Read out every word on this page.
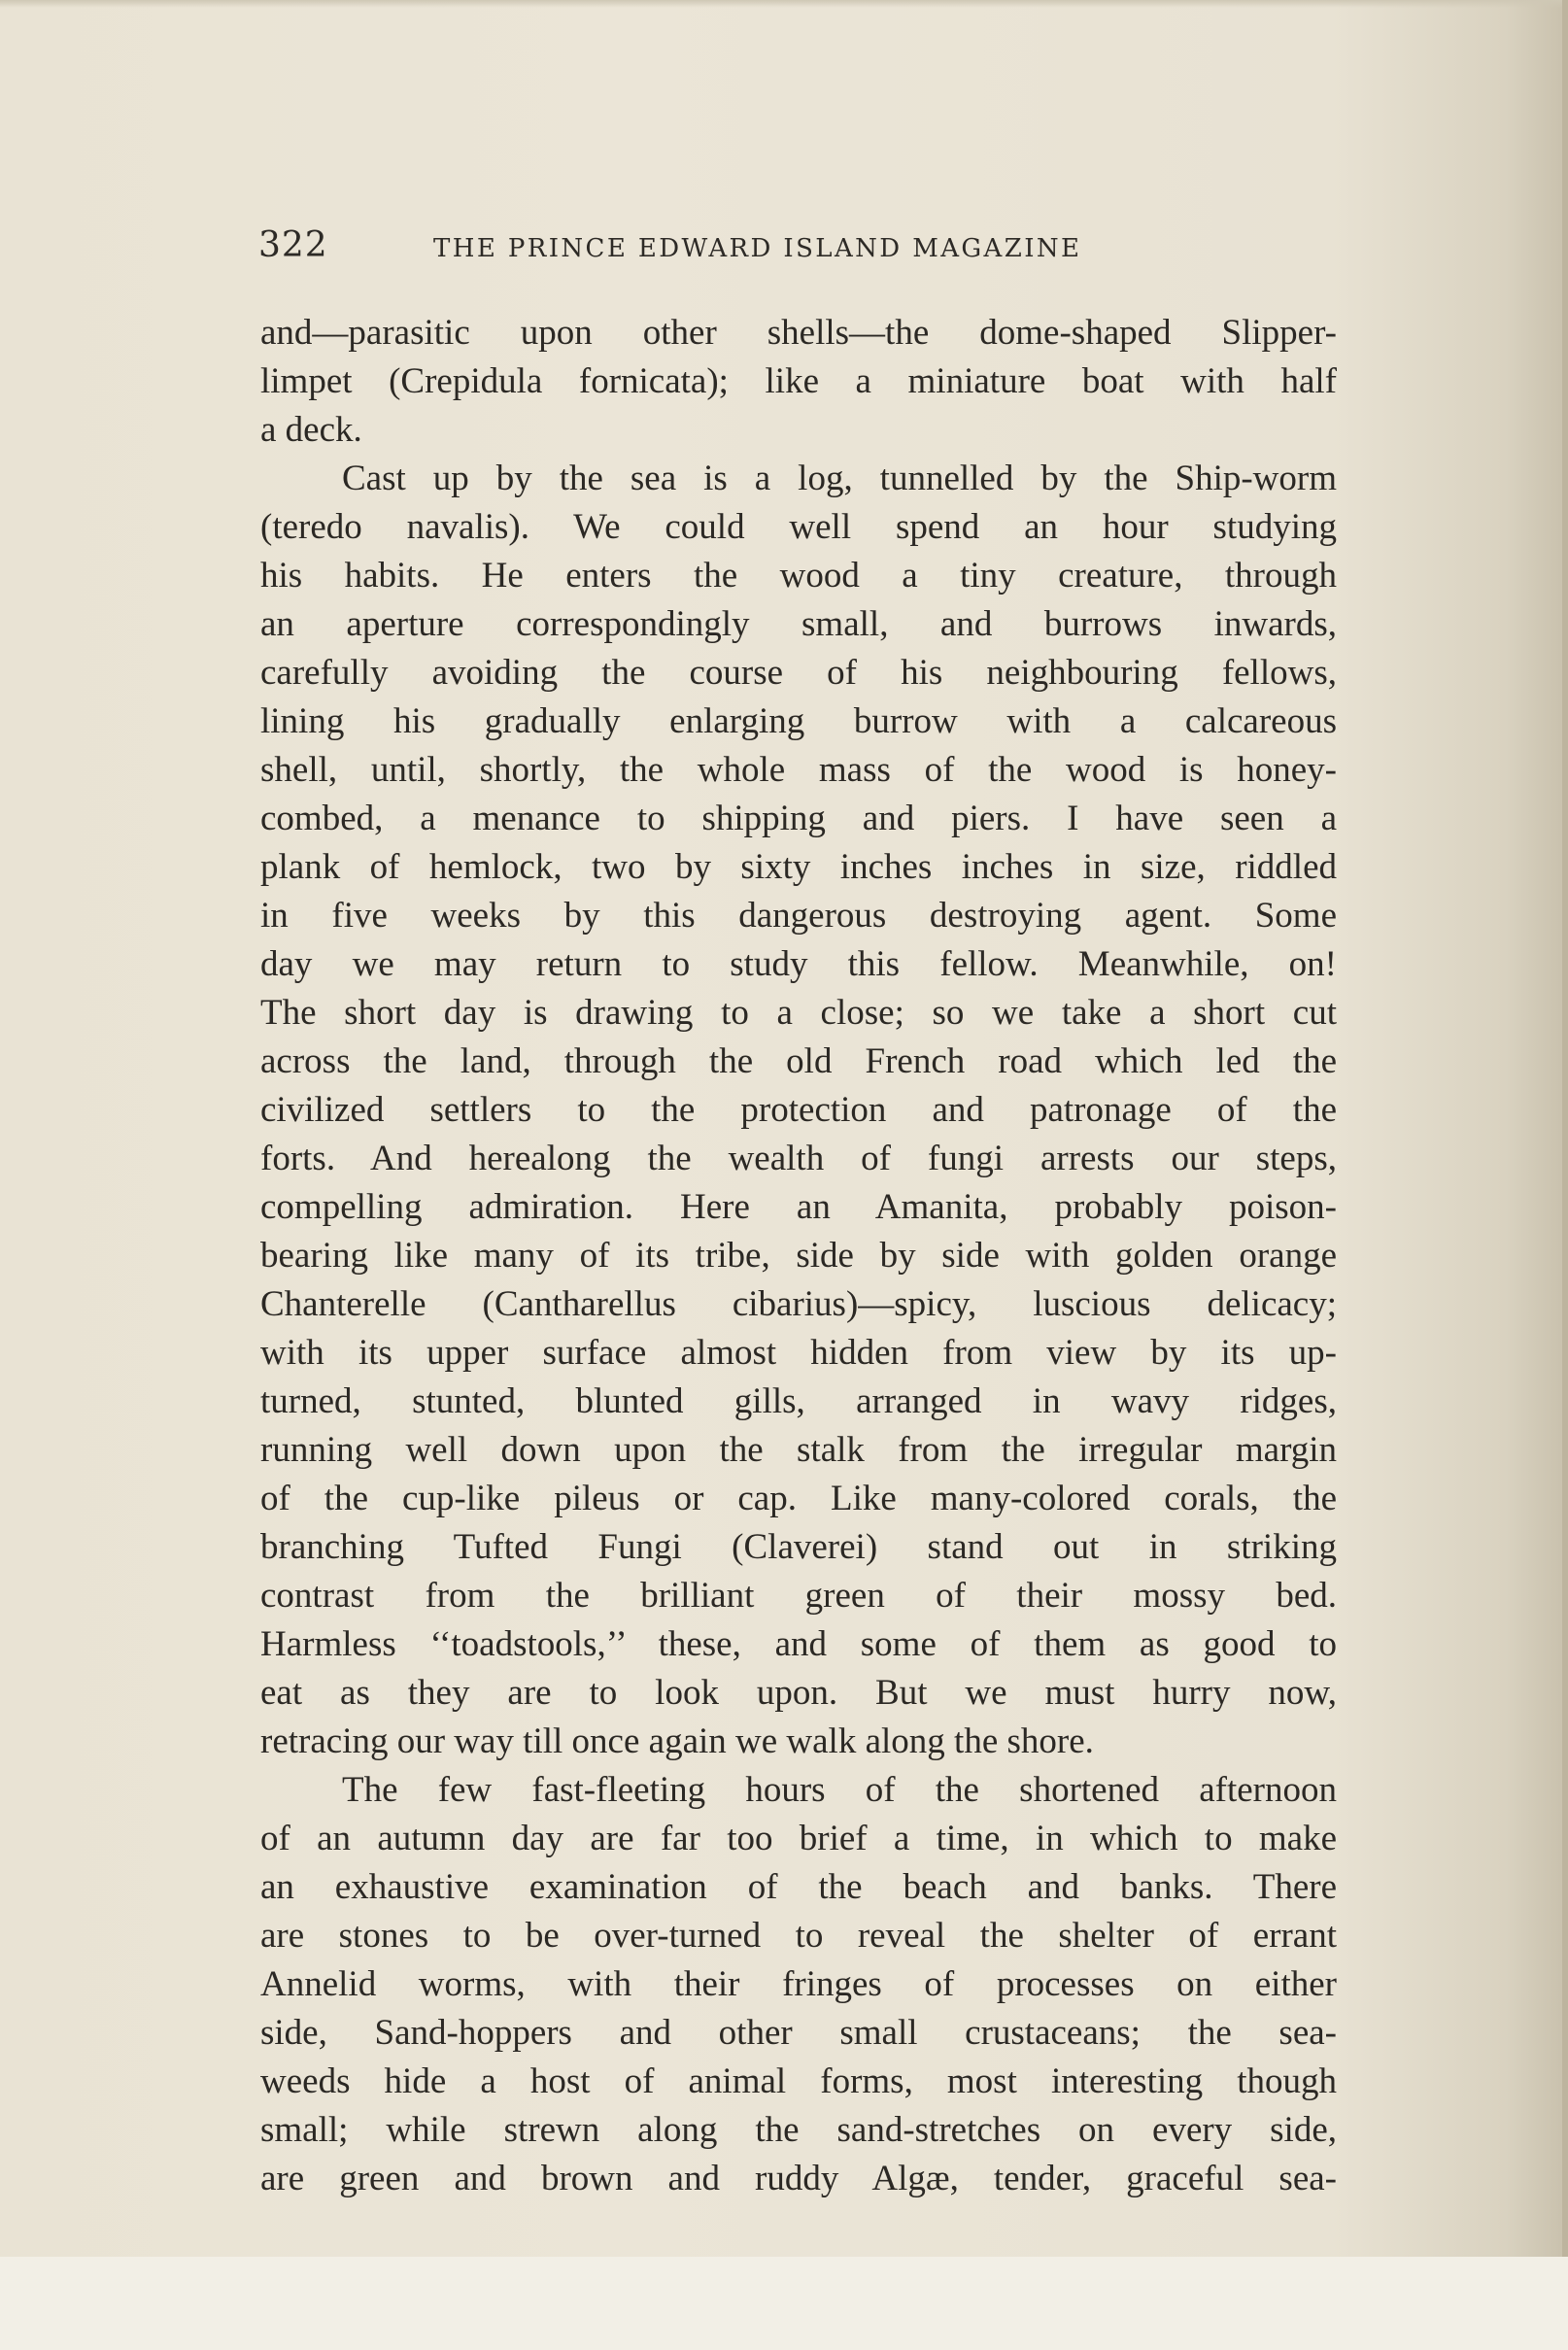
322	THE PRINCE EDWARD ISLAND MAGAZINE
and—parasitic upon other shells—the dome-shaped Slipper-
limpet (Crepidula fornicata); like a miniature boat with half
a deck.
Cast up by the sea is a log, tunnelled by the Ship-worm
(teredo navalis). We could well spend an hour studying
his habits. He enters the wood a tiny creature, through
an aperture correspondingly small, and burrows inwards,
carefully avoiding the course of his neighbouring fellows,
lining his gradually enlarging burrow with a calcareous
shell, until, shortly, the whole mass of the wood is honey-
combed, a menance to shipping and piers. I have seen a
plank of hemlock, two by sixty inches inches in size, riddled
in five weeks by this dangerous destroying agent. Some
day we may return to study this fellow. Meanwhile, on!
The short day is drawing to a close; so we take a short cut
across the land, through the old French road which led the
civilized settlers to the protection and patronage of the
forts. And herealong the wealth of fungi arrests our steps,
compelling admiration. Here an Amanita, probably poison-
bearing like many of its tribe, side by side with golden orange
Chanterelle (Cantharellus cibarius)—spicy, luscious delicacy;
with its upper surface almost hidden from view by its up-
turned, stunted, blunted gills, arranged in wavy ridges,
running well down upon the stalk from the irregular margin
of the cup-like pileus or cap. Like many-colored corals, the
branching Tufted Fungi (Claverei) stand out in striking
contrast from the brilliant green of their mossy bed.
Harmless ‘‘toadstools,’’ these, and some of them as good to
eat as they are to look upon. But we must hurry now,
retracing our way till once again we walk along the shore.
The few fast-fleeting hours of the shortened afternoon
of an autumn day are far too brief a time, in which to make
an exhaustive examination of the beach and banks. There
are stones to be over-turned to reveal the shelter of errant
Annelid worms, with their fringes of processes on either
side, Sand-hoppers and other small crustaceans; the sea-
weeds hide a host of animal forms, most interesting though
small; while strewn along the sand-stretches on every side,
are green and brown and ruddy Algæ, tender, graceful sea-
